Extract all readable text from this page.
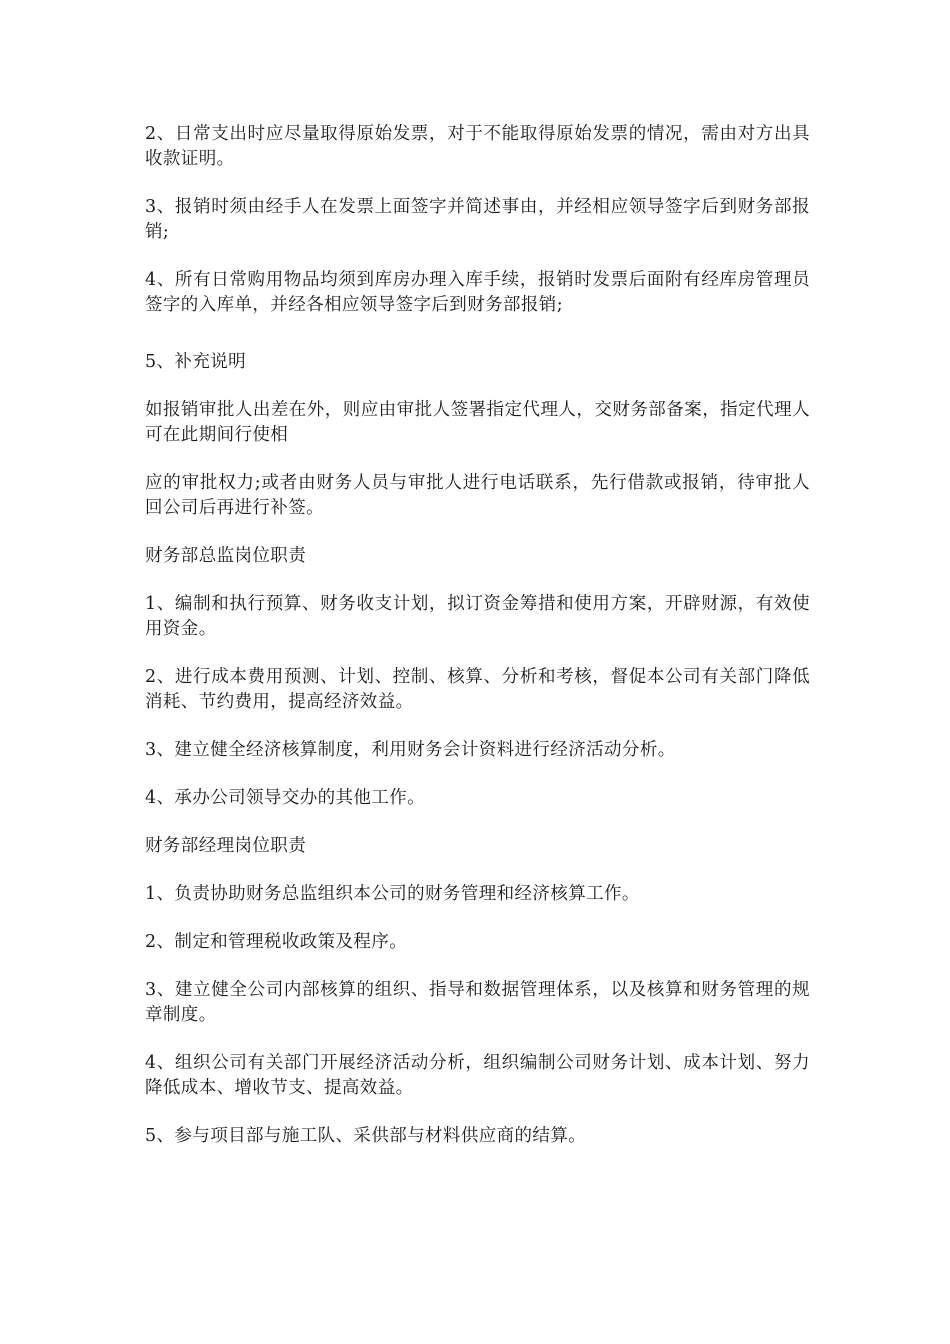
2、日常支出时应尽量取得原始发票，对于不能取得原始发票的情况，需由对方出具收款证明。

3、报销时须由经手人在发票上面签字并简述事由，并经相应领导签字后到财务部报销;

4、所有日常购用物品均须到库房办理入库手续，报销时发票后面附有经库房管理员签字的入库单，并经各相应领导签字后到财务部报销;

5、补充说明

如报销审批人出差在外，则应由审批人签署指定代理人，交财务部备案，指定代理人可在此期间行使相

应的审批权力;或者由财务人员与审批人进行电话联系，先行借款或报销，待审批人回公司后再进行补签。

财务部总监岗位职责

1、编制和执行预算、财务收支计划，拟订资金筹措和使用方案，开辟财源，有效使用资金。

2、进行成本费用预测、计划、控制、核算、分析和考核，督促本公司有关部门降低消耗、节约费用，提高经济效益。

3、建立健全经济核算制度，利用财务会计资料进行经济活动分析。

4、承办公司领导交办的其他工作。

财务部经理岗位职责

1、负责协助财务总监组织本公司的财务管理和经济核算工作。

2、制定和管理税收政策及程序。

3、建立健全公司内部核算的组织、指导和数据管理体系，以及核算和财务管理的规章制度。

4、组织公司有关部门开展经济活动分析，组织编制公司财务计划、成本计划、努力降低成本、增收节支、提高效益。

5、参与项目部与施工队、采供部与材料供应商的结算。
